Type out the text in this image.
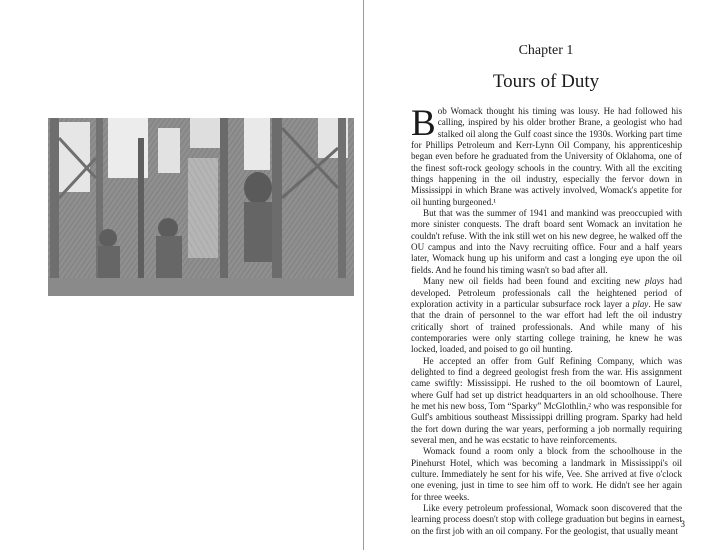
Chapter 1
Tours of Duty

Bob Womack thought his timing was lousy. He had followed his calling, inspired by his older brother Brane, a geologist who had stalked oil along the Gulf coast since the 1930s. Working part time for Phillips Petroleum and Kerr-Lynn Oil Company, his apprenticeship began even before he graduated from the University of Oklahoma, one of the finest soft-rock geology schools in the country. With all the exciting things happening in the oil industry, especially the fervor down in Mississippi in which Brane was actively involved, Womack's appetite for oil hunting burgeoned.¹

But that was the summer of 1941 and mankind was preoccupied with more sinister conquests. The draft board sent Womack an invitation he couldn't refuse. With the ink still wet on his new degree, he walked off the OU campus and into the Navy recruiting office. Four and a half years later, Womack hung up his uniform and cast a longing eye upon the oil fields. And he found his timing wasn't so bad after all.

Many new oil fields had been found and exciting new plays had developed. Petroleum professionals call the heightened period of exploration activity in a particular subsurface rock layer a play. He saw that the drain of personnel to the war effort had left the oil industry critically short of trained professionals. And while many of his contemporaries were only starting college training, he knew he was locked, loaded, and poised to go oil hunting.

He accepted an offer from Gulf Refining Company, which was delighted to find a degreed geologist fresh from the war. His assignment came swiftly: Mississippi. He rushed to the oil boomtown of Laurel, where Gulf had set up district headquarters in an old schoolhouse. There he met his new boss, Tom “Sparky” McGlothlin,² who was responsible for Gulf's ambitious southeast Mississippi drilling program. Sparky had held the fort down during the war years, performing a job normally requiring several men, and he was ecstatic to have reinforcements.

Womack found a room only a block from the schoolhouse in the Pinehurst Hotel, which was becoming a landmark in Mississippi's oil culture. Immediately he sent for his wife, Vee. She arrived at five o'clock one evening, just in time to see him off to work. He didn't see her again for three weeks.

Like every petroleum professional, Womack soon discovered that the learning process doesn't stop with college graduation but begins in earnest on the first job with an oil company. For the geologist, that usually meant

3
